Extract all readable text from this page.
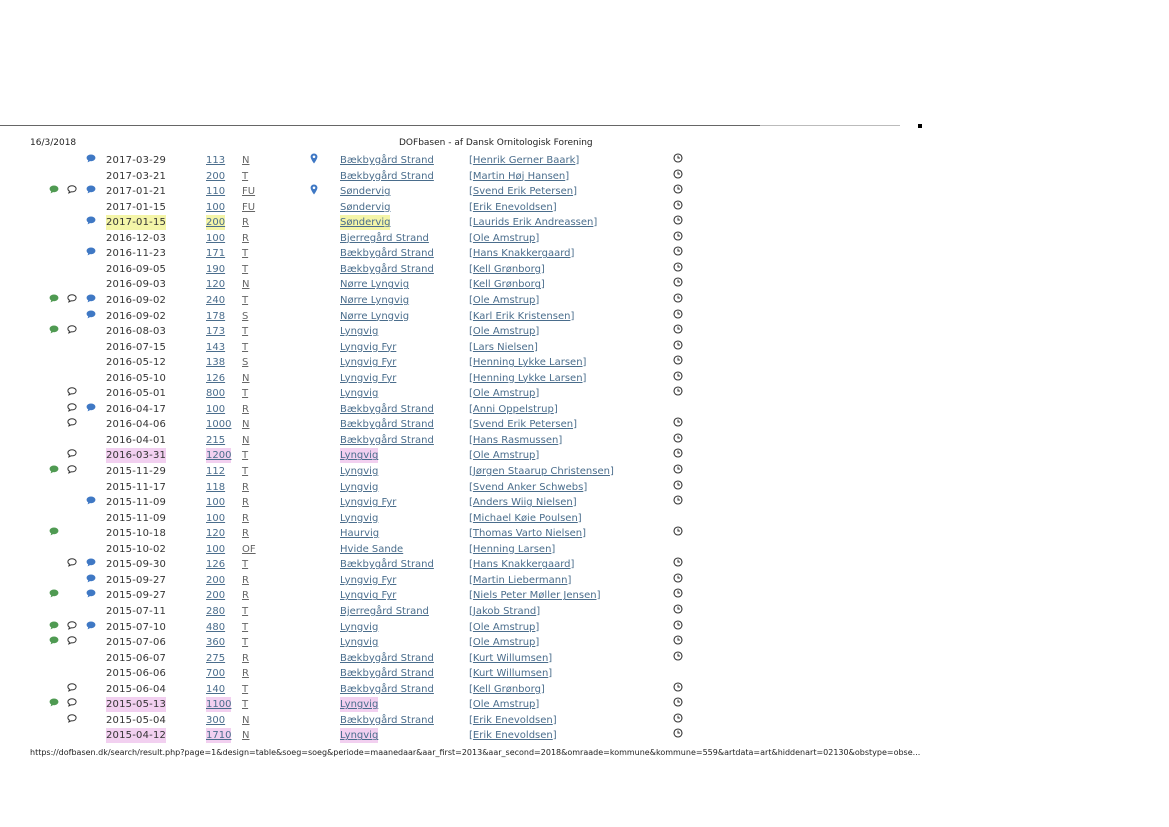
16/3/2018	DOFbasen - af Dansk Ornitologisk Forening
2017-03-29	113 N	Bækbygård Strand	[Henrik Gerner Baark]
2017-03-21	200 T	Bækbygård Strand	[Martin Høj Hansen]
2017-01-21	110 FU	Søndervig	[Svend Erik Petersen]
2017-01-15	100 FU	Søndervig	[Erik Enevoldsen]
2017-01-15	200 R	Søndervig	[Laurids Erik Andreassen]
2016-12-03	100 R	Bjerregård Strand	[Ole Amstrup]
2016-11-23	171 T	Bækbygård Strand	[Hans Knakkergaard]
2016-09-05	190 T	Bækbygård Strand	[Kell Grønborg]
2016-09-03	120 N	Nørre Lyngvig	[Kell Grønborg]
2016-09-02	240 T	Nørre Lyngvig	[Ole Amstrup]
2016-09-02	178 S	Nørre Lyngvig	[Karl Erik Kristensen]
2016-08-03	173 T	Lyngvig	[Ole Amstrup]
2016-07-15	143 T	Lyngvig Fyr	[Lars Nielsen]
2016-05-12	138 S	Lyngvig Fyr	[Henning Lykke Larsen]
2016-05-10	126 N	Lyngvig Fyr	[Henning Lykke Larsen]
2016-05-01	800 T	Lyngvig	[Ole Amstrup]
2016-04-17	100 R	Bækbygård Strand	[Anni Oppelstrup]
2016-04-06	1000 N	Bækbygård Strand	[Svend Erik Petersen]
2016-04-01	215 N	Bækbygård Strand	[Hans Rasmussen]
2016-03-31	1200 T	Lyngvig	[Ole Amstrup]
2015-11-29	112 T	Lyngvig	[Jørgen Staarup Christensen]
2015-11-17	118 R	Lyngvig	[Svend Anker Schwebs]
2015-11-09	100 R	Lyngvig Fyr	[Anders Wiig Nielsen]
2015-11-09	100 R	Lyngvig	[Michael Køie Poulsen]
2015-10-18	120 R	Haurvig	[Thomas Varto Nielsen]
2015-10-02	100 OF	Hvide Sande	[Henning Larsen]
2015-09-30	126 T	Bækbygård Strand	[Hans Knakkergaard]
2015-09-27	200 R	Lyngvig Fyr	[Martin Liebermann]
2015-09-27	200 R	Lyngvig Fyr	[Niels Peter Møller Jensen]
2015-07-11	280 T	Bjerregård Strand	[Jakob Strand]
2015-07-10	480 T	Lyngvig	[Ole Amstrup]
2015-07-06	360 T	Lyngvig	[Ole Amstrup]
2015-06-07	275 R	Bækbygård Strand	[Kurt Willumsen]
2015-06-06	700 R	Bækbygård Strand	[Kurt Willumsen]
2015-06-04	140 T	Bækbygård Strand	[Kell Grønborg]
2015-05-13	1100 T	Lyngvig	[Ole Amstrup]
2015-05-04	300 N	Bækbygård Strand	[Erik Enevoldsen]
2015-04-12	1710 N	Lyngvig	[Erik Enevoldsen]
https://dofbasen.dk/search/result.php?page=1&design=table&soeg=soeg&periode=maanedaar&aar_first=2013&aar_second=2018&omraade=kommune&kommune=559&artdata=art&hiddenart=02130&obstype=obse...
